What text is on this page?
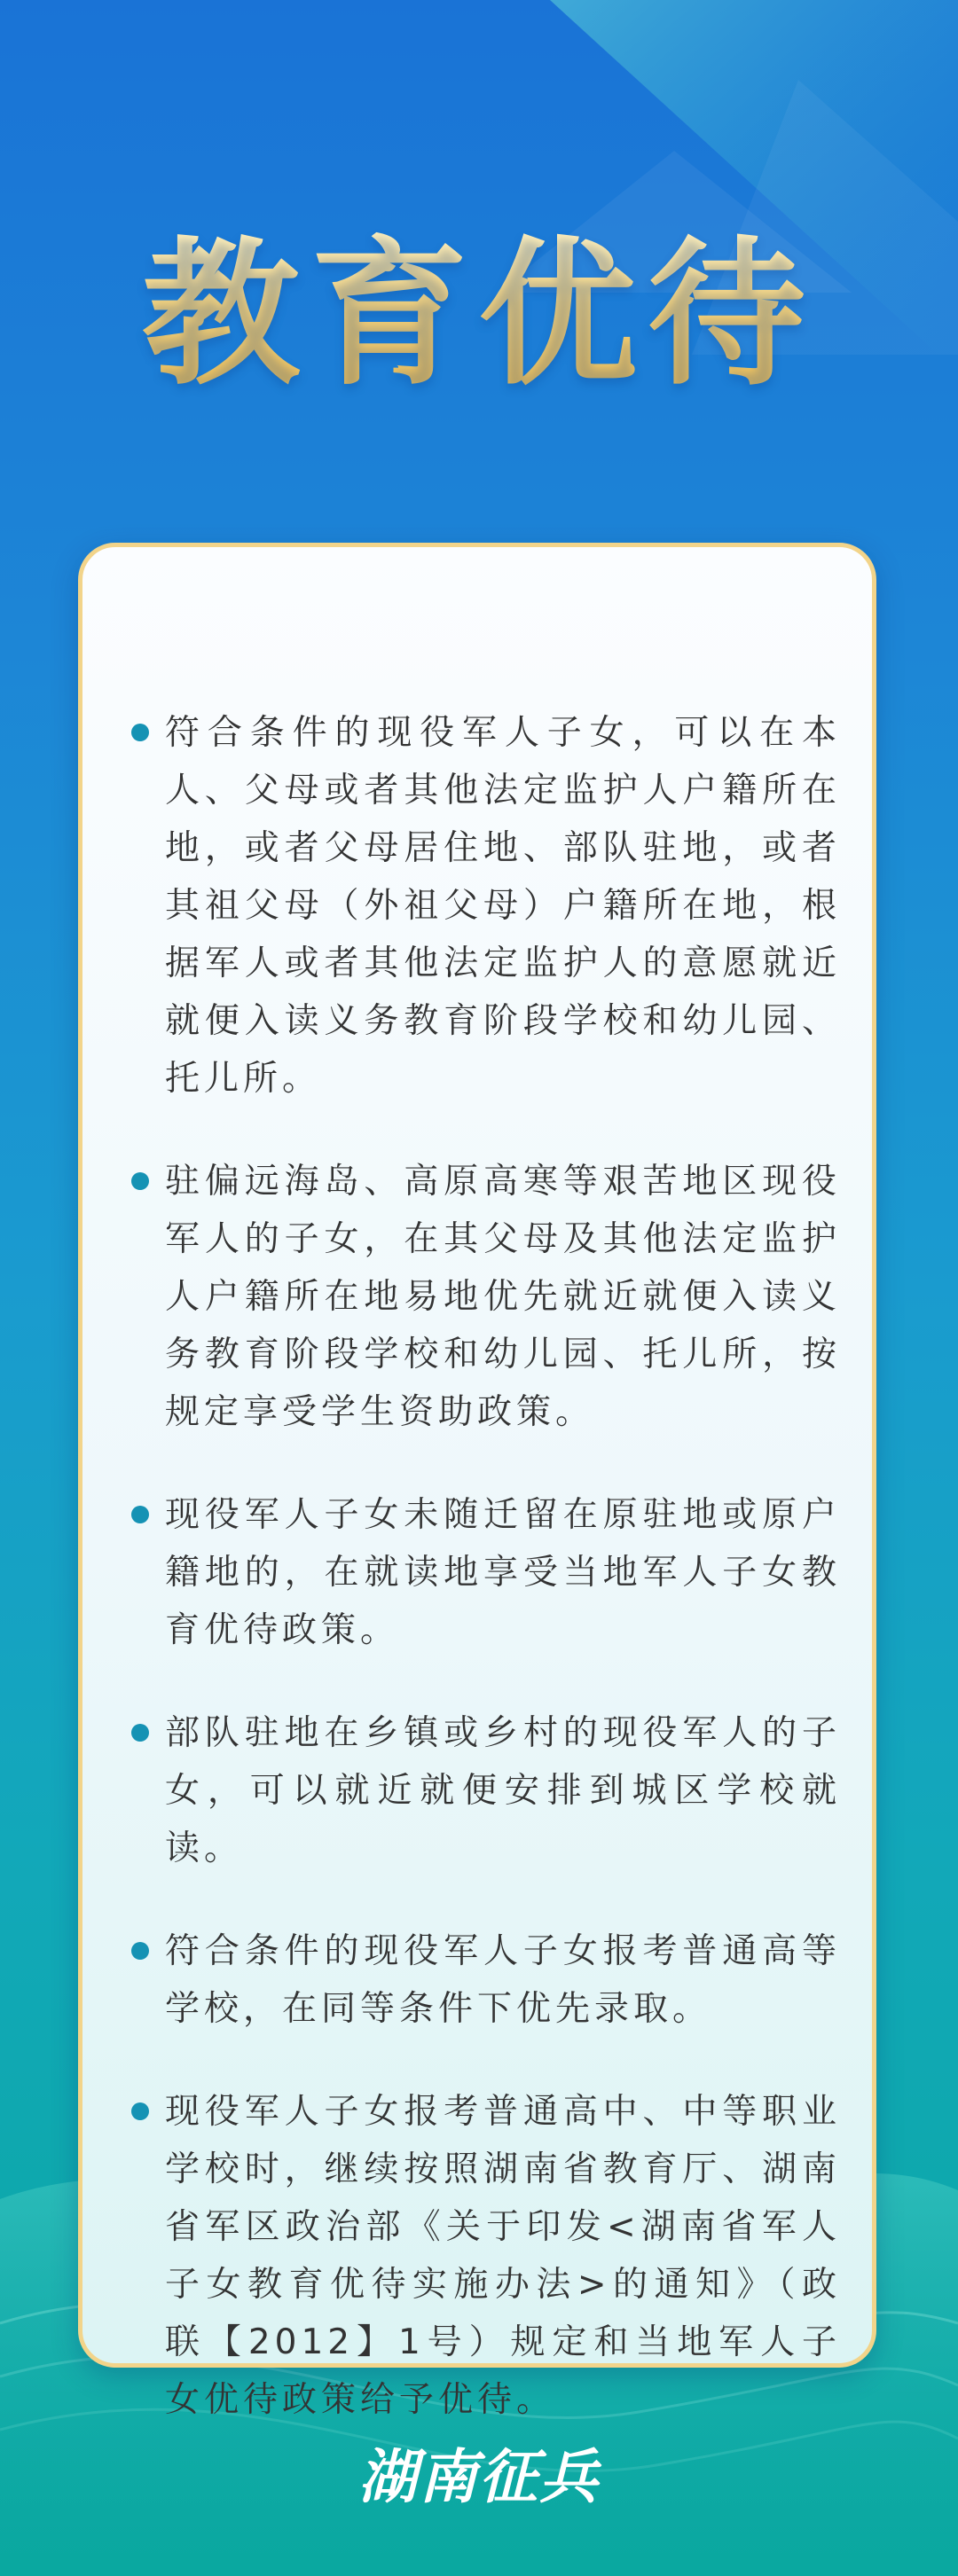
教育优待
符合条件的现役军人子女，可以在本人、父母或者其他法定监护人户籍所在地，或者父母居住地、部队驻地，或者其祖父母（外祖父母）户籍所在地，根据军人或者其他法定监护人的意愿就近就便入读义务教育阶段学校和幼儿园、托儿所。
驻偏远海岛、高原高寒等艰苦地区现役军人的子女，在其父母及其他法定监护人户籍所在地易地优先就近就便入读义务教育阶段学校和幼儿园、托儿所，按规定享受学生资助政策。
现役军人子女未随迁留在原驻地或原户籍地的，在就读地享受当地军人子女教育优待政策。
部队驻地在乡镇或乡村的现役军人的子女，可以就近就便安排到城区学校就读。
符合条件的现役军人子女报考普通高等学校，在同等条件下优先录取。
现役军人子女报考普通高中、中等职业学校时，继续按照湖南省教育厅、湖南省军区政治部《关于印发<湖南省军人子女教育优待实施办法>的通知》（政联【2012】1号）规定和当地军人子女优待政策给予优待。
湖南征兵
